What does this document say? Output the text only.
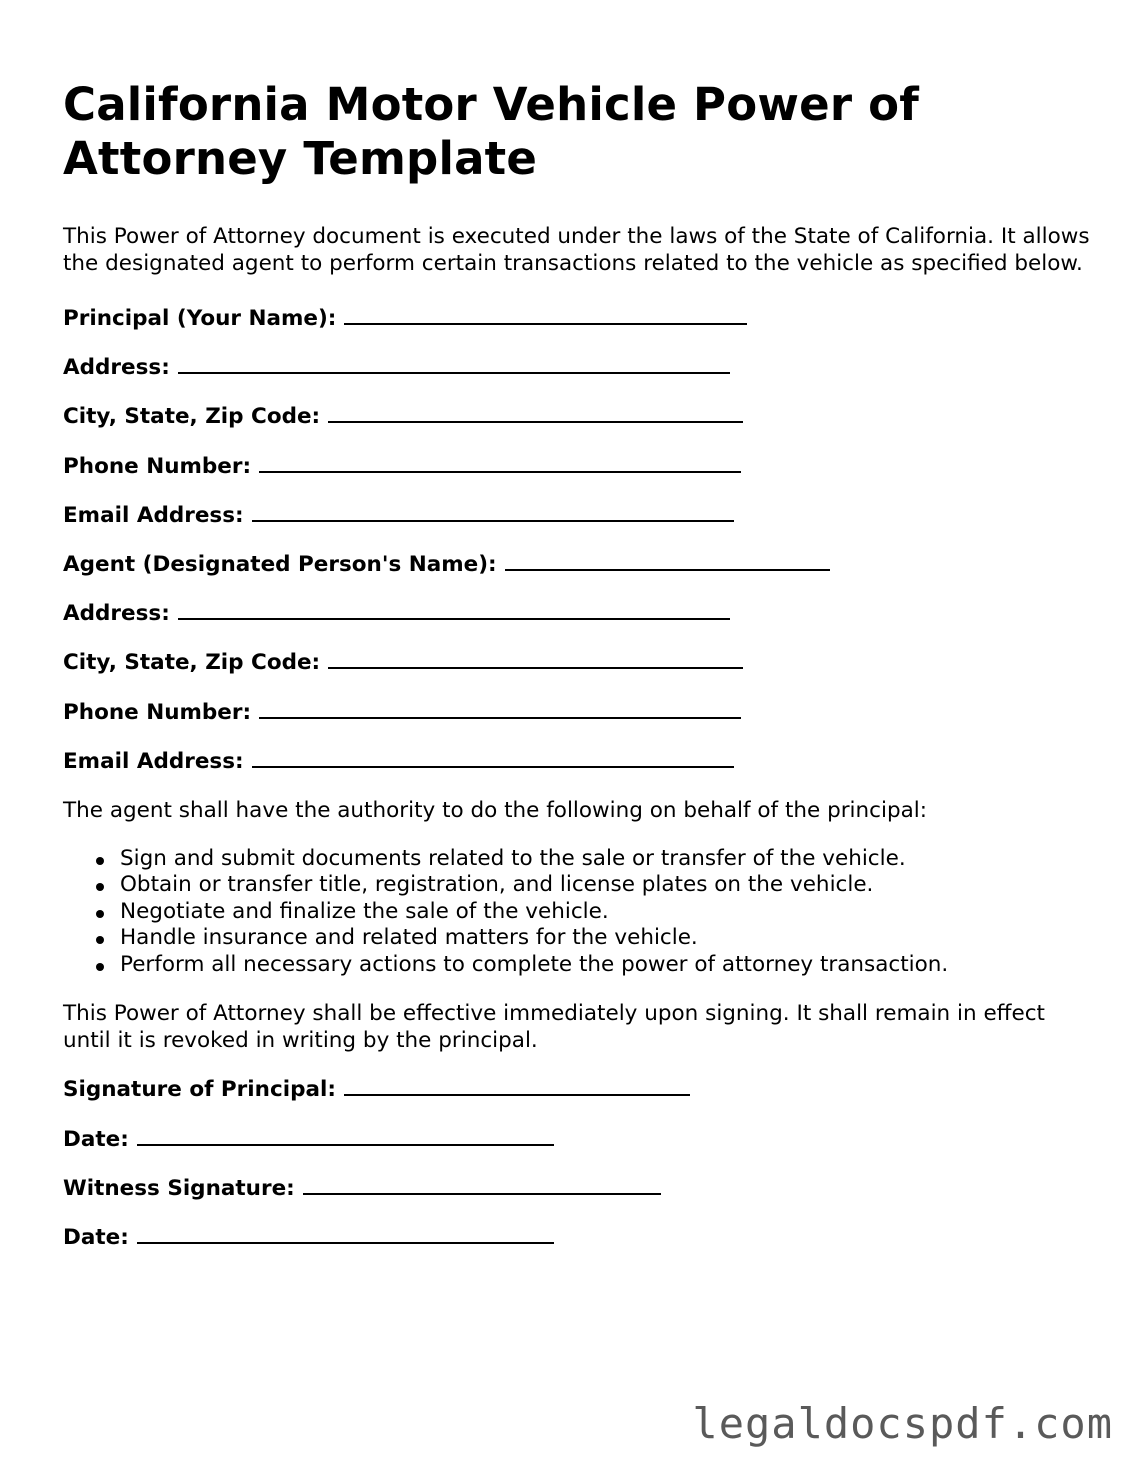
California Motor Vehicle Power of Attorney Template

This Power of Attorney document is executed under the laws of the State of California. It allows the designated agent to perform certain transactions related to the vehicle as specified below.

Principal (Your Name):
Address:
City, State, Zip Code:
Phone Number:
Email Address:
Agent (Designated Person's Name):
Address:
City, State, Zip Code:
Phone Number:
Email Address:

The agent shall have the authority to do the following on behalf of the principal:

Sign and submit documents related to the sale or transfer of the vehicle.
Obtain or transfer title, registration, and license plates on the vehicle.
Negotiate and finalize the sale of the vehicle.
Handle insurance and related matters for the vehicle.
Perform all necessary actions to complete the power of attorney transaction.

This Power of Attorney shall be effective immediately upon signing. It shall remain in effect until it is revoked in writing by the principal.

Signature of Principal:
Date:
Witness Signature:
Date:
legaldocspdf.com
